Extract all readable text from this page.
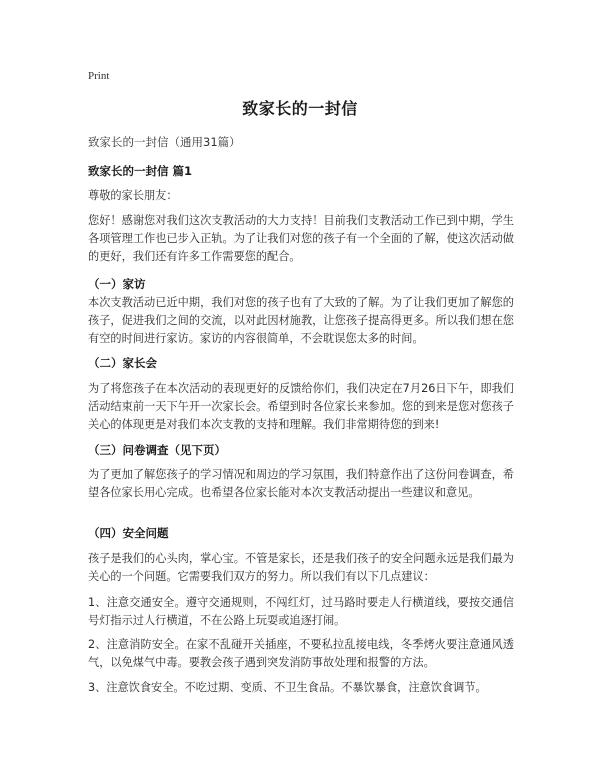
Print
致家长的一封信
致家长的一封信（通用31篇）
致家长的一封信 篇1
尊敬的家长朋友：
您好！感谢您对我们这次支教活动的大力支持！目前我们支教活动工作已到中期，学生各项管理工作也已步入正轨。为了让我们对您的孩子有一个全面的了解，使这次活动做的更好，我们还有许多工作需要您的配合。
（一）家访
本次支教活动已近中期，我们对您的孩子也有了大致的了解。为了让我们更加了解您的孩子，促进我们之间的交流，以对此因材施教，让您孩子提高得更多。所以我们想在您有空的时间进行家访。家访的内容很简单，不会耽误您太多的时间。
（二）家长会
为了将您孩子在本次活动的表现更好的反馈给你们，我们决定在7月26日下午，即我们活动结束前一天下午开一次家长会。希望到时各位家长来参加。您的到来是您对您孩子关心的体现更是对我们本次支教的支持和理解。我们非常期待您的到来!
（三）问卷调查（见下页）
为了更加了解您孩子的学习情况和周边的学习氛围，我们特意作出了这份问卷调查，希望各位家长用心完成。也希望各位家长能对本次支教活动提出一些建议和意见。
（四）安全问题
孩子是我们的心头肉，掌心宝。不管是家长，还是我们孩子的安全问题永远是我们最为关心的一个问题。它需要我们双方的努力。所以我们有以下几点建议：
1、注意交通安全。遵守交通规则，不闯红灯，过马路时要走人行横道线，要按交通信号灯指示过人行横道，不在公路上玩耍或追逐打闹。
2、注意消防安全。在家不乱碰开关插座，不要私拉乱接电线，冬季烤火要注意通风透气，以免煤气中毒。要教会孩子遇到突发消防事故处理和报警的方法。
3、注意饮食安全。不吃过期、变质、不卫生食品。不暴饮暴食，注意饮食调节。
